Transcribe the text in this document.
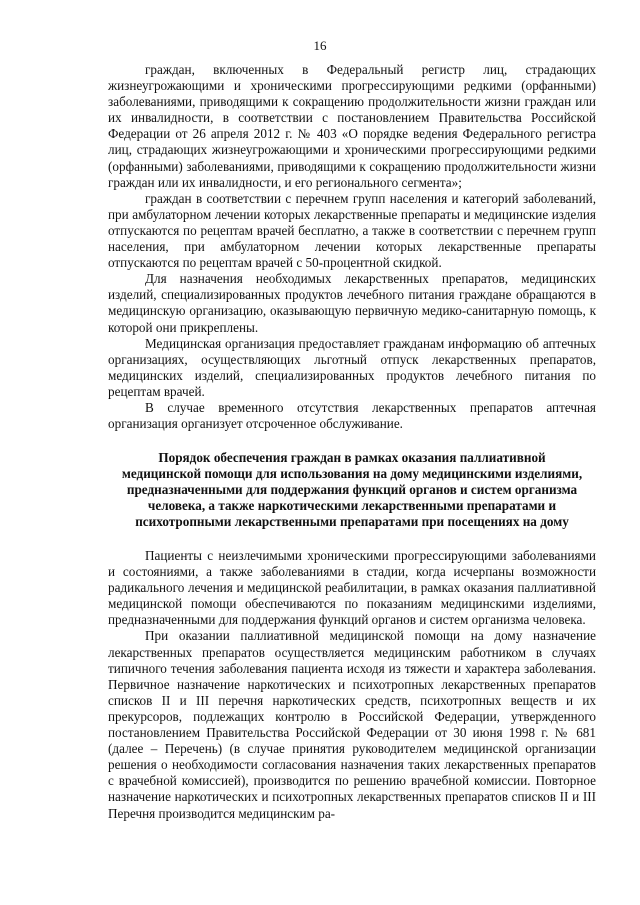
16

граждан, включенных в Федеральный регистр лиц, страдающих жизнеугрожающими и хроническими прогрессирующими редкими (орфанными) заболеваниями, приводящими к сокращению продолжительности жизни граждан или их инвалидности, в соответствии с постановлением Правительства Российской Федерации от 26 апреля 2012 г. № 403 «О порядке ведения Федерального регистра лиц, страдающих жизнеугрожающими и хроническими прогрессирующими редкими (орфанными) заболеваниями, приводящими к сокращению продолжительности жизни граждан или их инвалидности, и его регионального сегмента»;

граждан в соответствии с перечнем групп населения и категорий заболеваний, при амбулаторном лечении которых лекарственные препараты и медицинские изделия отпускаются по рецептам врачей бесплатно, а также в соответствии с перечнем групп населения, при амбулаторном лечении которых лекарственные препараты отпускаются по рецептам врачей с 50-процентной скидкой.

Для назначения необходимых лекарственных препаратов, медицинских изделий, специализированных продуктов лечебного питания граждане обращаются в медицинскую организацию, оказывающую первичную медико-санитарную помощь, к которой они прикреплены.

Медицинская организация предоставляет гражданам информацию об аптечных организациях, осуществляющих льготный отпуск лекарственных препаратов, медицинских изделий, специализированных продуктов лечебного питания по рецептам врачей.

В случае временного отсутствия лекарственных препаратов аптечная организация организует отсроченное обслуживание.

Порядок обеспечения граждан в рамках оказания паллиативной
медицинской помощи для использования на дому медицинскими изделиями, предназначенными для поддержания функций органов и систем организма человека, а также наркотическими лекарственными препаратами и психотропными лекарственными препаратами при посещениях на дому

Пациенты с неизлечимыми хроническими прогрессирующими заболеваниями и состояниями, а также заболеваниями в стадии, когда исчерпаны возможности радикального лечения и медицинской реабилитации, в рамках оказания паллиативной медицинской помощи обеспечиваются по показаниям медицинскими изделиями, предназначенными для поддержания функций органов и систем организма человека.

При оказании паллиативной медицинской помощи на дому назначение лекарственных препаратов осуществляется медицинским работником в случаях типичного течения заболевания пациента исходя из тяжести и характера заболевания. Первичное назначение наркотических и психотропных лекарственных препаратов списков II и III перечня наркотических средств, психотропных веществ и их прекурсоров, подлежащих контролю в Российской Федерации, утвержденного постановлением Правительства Российской Федерации от 30 июня 1998 г. № 681 (далее – Перечень) (в случае принятия руководителем медицинской организации решения о необходимости согласования назначения таких лекарственных препаратов с врачебной комиссией), производится по решению врачебной комиссии. Повторное назначение наркотических и психотропных лекарственных препаратов списков II и III Перечня производится медицинским ра-
